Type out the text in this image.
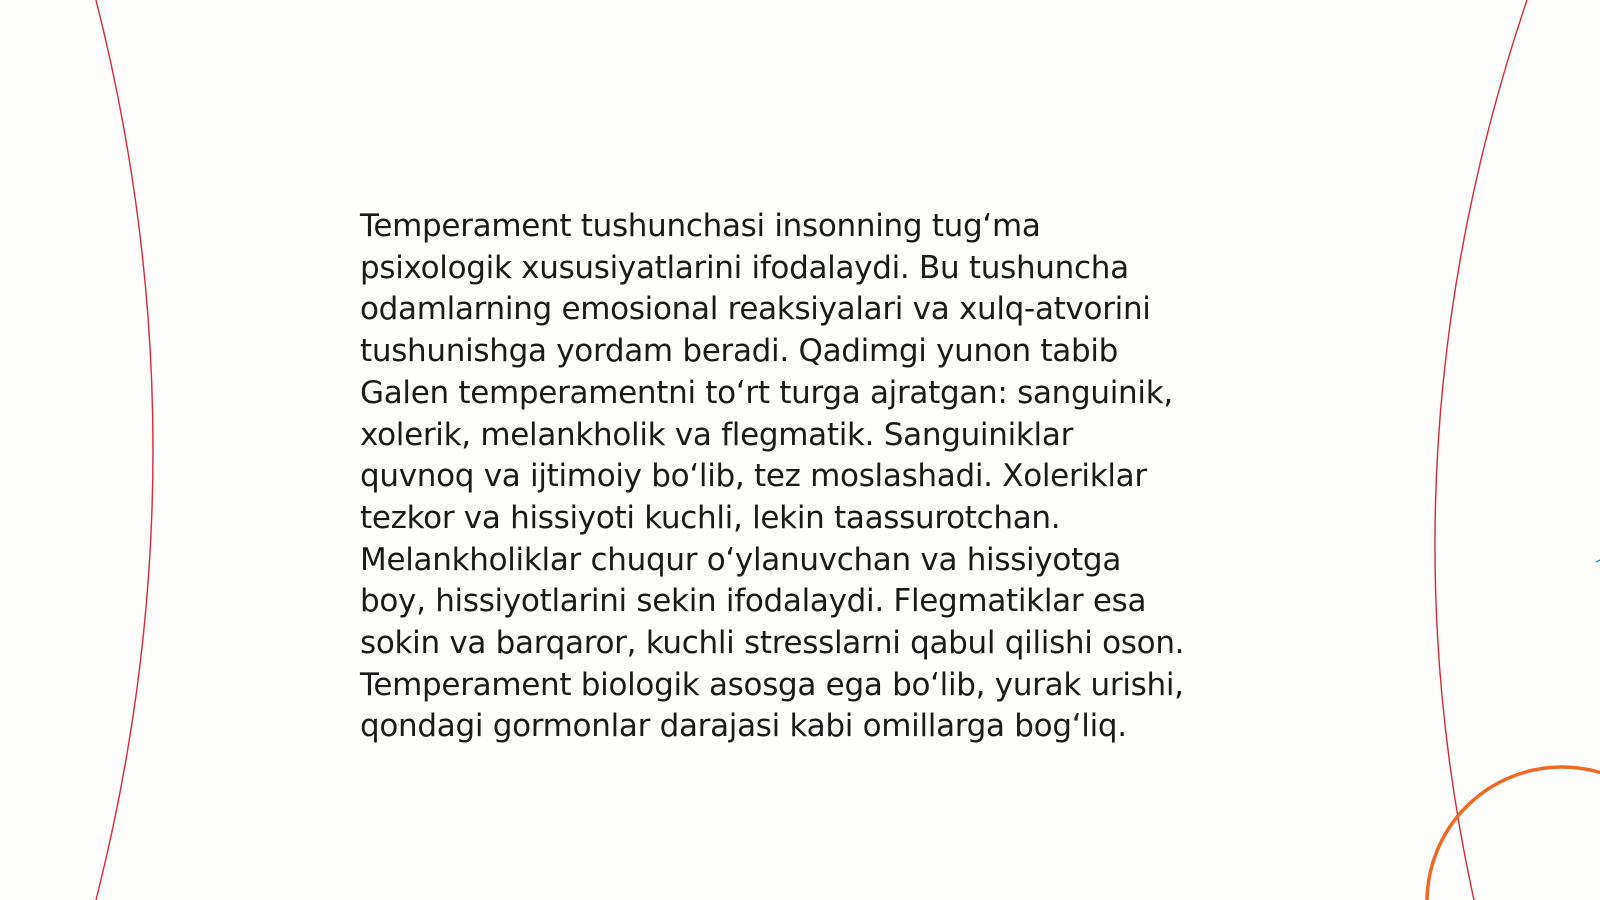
Temperament tushunchasi insonning tugʻma
psixologik xususiyatlarini ifodalaydi. Bu tushuncha
odamlarning emosional reaksiyalari va xulq-atvorini
tushunishga yordam beradi. Qadimgi yunon tabib
Galen temperamentni toʻrt turga ajratgan: sanguinik,
xolerik, melankholik va flegmatik. Sanguiniklar
quvnoq va ijtimoiy boʻlib, tez moslashadi. Xoleriklar
tezkor va hissiyoti kuchli, lekin taassurotchan.
Melankholiklar chuqur oʻylanuvchan va hissiyotga
boy, hissiyotlarini sekin ifodalaydi. Flegmatiklar esa
sokin va barqaror, kuchli stresslarni qabul qilishi oson.
Temperament biologik asosga ega boʻlib, yurak urishi,
qondagi gormonlar darajasi kabi omillarga bogʻliq.
